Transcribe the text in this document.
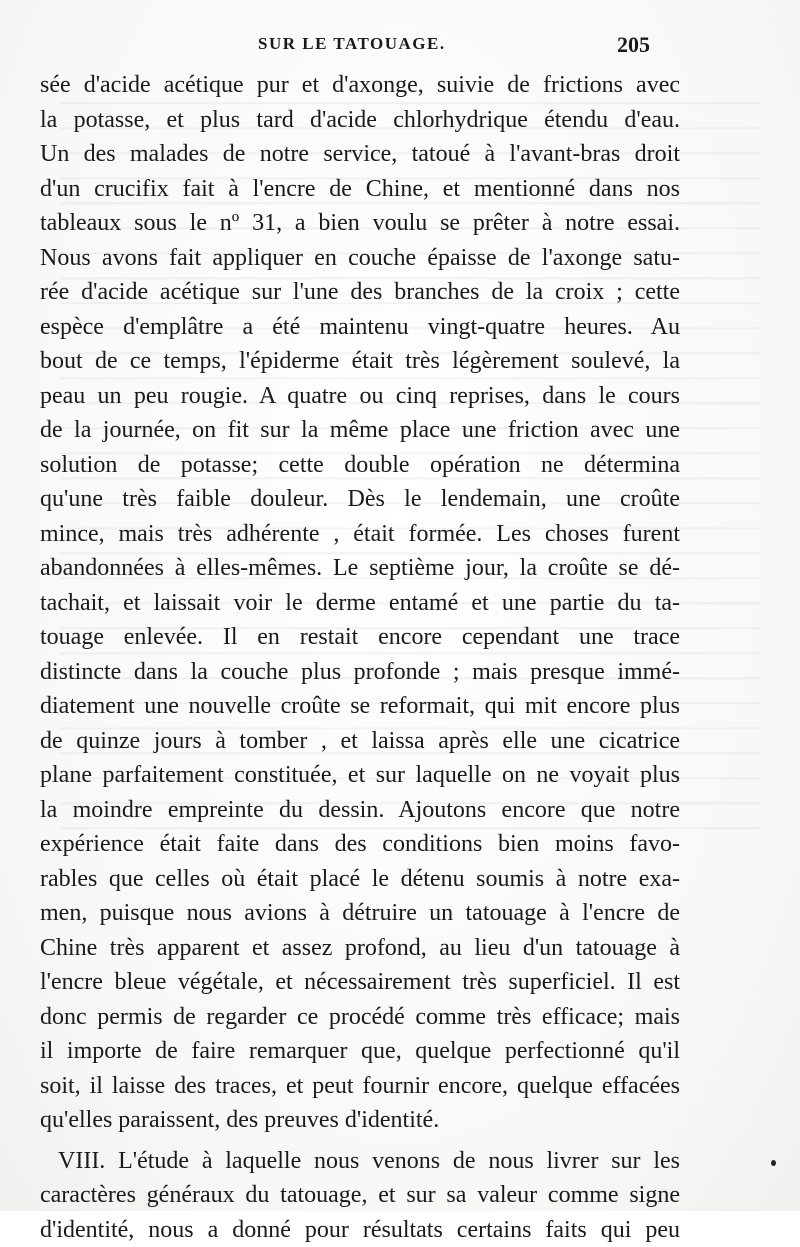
SUR LE TATOUAGE.	205
sée d'acide acétique pur et d'axonge, suivie de frictions avec
la potasse, et plus tard d'acide chlorhydrique étendu d'eau.
Un des malades de notre service, tatoué à l'avant-bras droit
d'un crucifix fait à l'encre de Chine, et mentionné dans nos
tableaux sous le nº 31, a bien voulu se prêter à notre essai.
Nous avons fait appliquer en couche épaisse de l'axonge satu-
rée d'acide acétique sur l'une des branches de la croix ; cette
espèce d'emplâtre a été maintenu vingt-quatre heures. Au
bout de ce temps, l'épiderme était très légèrement soulevé, la
peau un peu rougie. A quatre ou cinq reprises, dans le cours
de la journée, on fit sur la même place une friction avec une
solution de potasse; cette double opération ne détermina
qu'une très faible douleur. Dès le lendemain, une croûte
mince, mais très adhérente , était formée. Les choses furent
abandonnées à elles-mêmes. Le septième jour, la croûte se dé-
tachait, et laissait voir le derme entamé et une partie du ta-
touage enlevée. Il en restait encore cependant une trace
distincte dans la couche plus profonde ; mais presque immé-
diatement une nouvelle croûte se reformait, qui mit encore plus
de quinze jours à tomber , et laissa après elle une cicatrice
plane parfaitement constituée, et sur laquelle on ne voyait plus
la moindre empreinte du dessin. Ajoutons encore que notre
expérience était faite dans des conditions bien moins favo-
rables que celles où était placé le détenu soumis à notre exa-
men, puisque nous avions à détruire un tatouage à l'encre de
Chine très apparent et assez profond, au lieu d'un tatouage à
l'encre bleue végétale, et nécessairement très superficiel. Il est
donc permis de regarder ce procédé comme très efficace; mais
il importe de faire remarquer que, quelque perfectionné qu'il
soit, il laisse des traces, et peut fournir encore, quelque effacées
qu'elles paraissent, des preuves d'identité.
VIII. L'étude à laquelle nous venons de nous livrer sur les
caractères généraux du tatouage, et sur sa valeur comme signe
d'identité, nous a donné pour résultats certains faits qui peu
